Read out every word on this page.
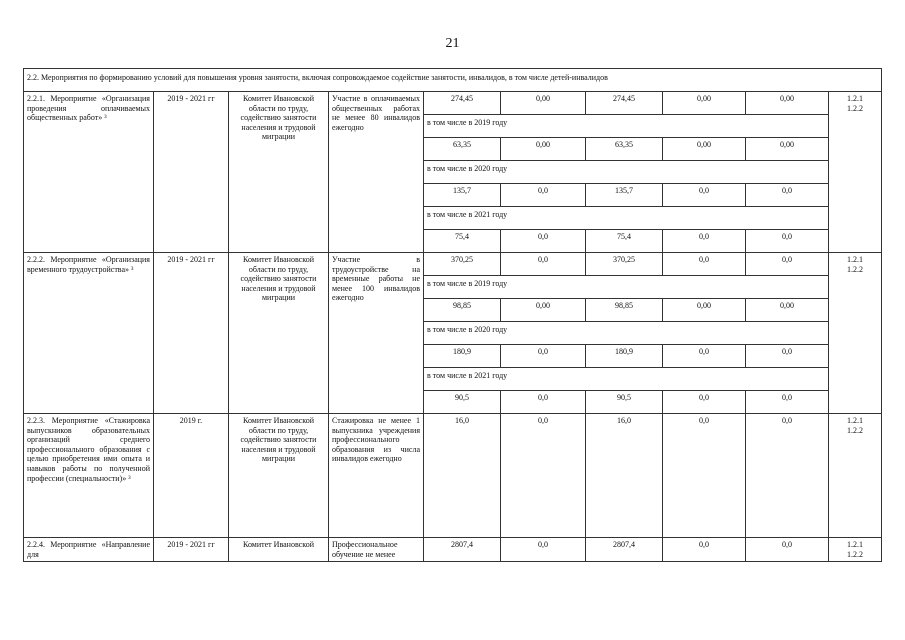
21
2.2. Мероприятия по формированию условий для повышения уровня занятости, включая сопровождаемое содействие занятости, инвалидов, в том числе детей-инвалидов									
2.2.1. Мероприятие «Организация проведения оплачиваемых общественных работ» ³	2019 - 2021 гг	Комитет Ивановской области по труду, содействию занятости населения и трудовой миграции	Участие в оплачиваемых общественных работах не менее 80 инвалидов ежегодно	274,45	0,00	274,45	0,00	0,00	1.2.1
1.2.2
				в том числе в 2019 году					
				63,35	0,00	63,35	0,00	0,00	
				в том числе в 2020 году					
				135,7	0,0	135,7	0,0	0,0	
				в том числе в 2021 году					
				75,4	0,0	75,4	0,0	0,0	
2.2.2. Мероприятие «Организация временного трудоустройства» ³	2019 - 2021 гг	Комитет Ивановской области по труду, содействию занятости населения и трудовой миграции	Участие в трудоустройстве на временные работы не менее 100 инвалидов ежегодно	370,25	0,0	370,25	0,0	0,0	1.2.1
1.2.2
				в том числе в 2019 году					
				98,85	0,00	98,85	0,00	0,00	
				в том числе в 2020 году					
				180,9	0,0	180,9	0,0	0,0	
				в том числе в 2021 году					
				90,5	0,0	90,5	0,0	0,0	
2.2.3. Мероприятие «Стажировка выпускников образовательных организаций среднего профессионального образования с целью приобретения ими опыта и навыков работы по полученной профессии (специальности)» ³	2019 г.	Комитет Ивановской области по труду, содействию занятости населения и трудовой миграции	Стажировка не менее 1 выпускника учреждения профессионального образования из числа инвалидов ежегодно	16,0	0,0	16,0	0,0	0,0	1.2.1
1.2.2
2.2.4. Мероприятие «Направление для	2019 - 2021 гг	Комитет Ивановской	Профессиональное обучение не менее	2807,4	0,0	2807,4	0,0	0,0	1.2.1
1.2.2
